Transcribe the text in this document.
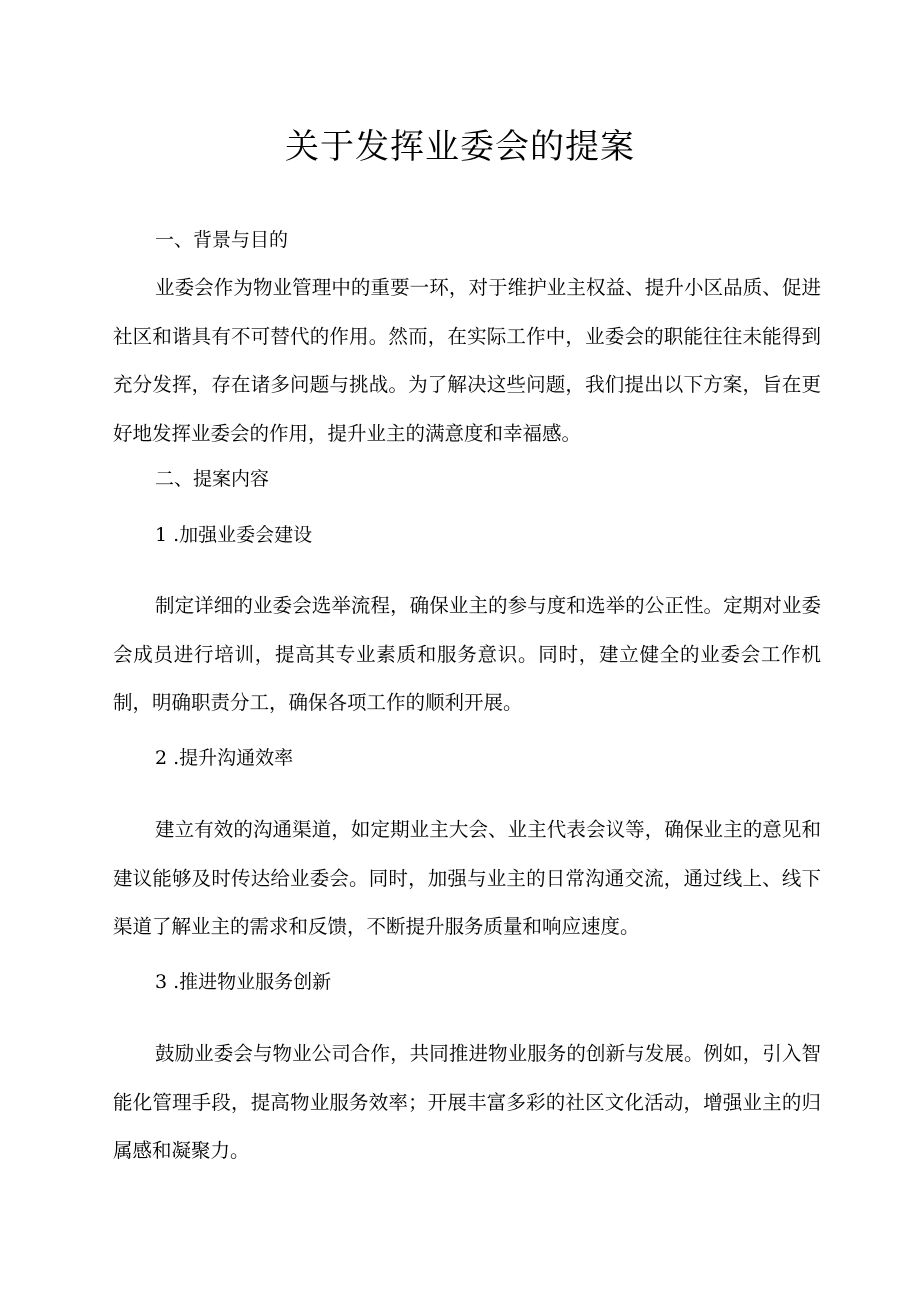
关于发挥业委会的提案
一、背景与目的
业委会作为物业管理中的重要一环，对于维护业主权益、提升小区品质、促进社区和谐具有不可替代的作用。然而，在实际工作中，业委会的职能往往未能得到充分发挥，存在诸多问题与挑战。为了解决这些问题，我们提出以下方案，旨在更好地发挥业委会的作用，提升业主的满意度和幸福感。
二、提案内容
1 .加强业委会建设
制定详细的业委会选举流程，确保业主的参与度和选举的公正性。定期对业委会成员进行培训，提高其专业素质和服务意识。同时，建立健全的业委会工作机制，明确职责分工，确保各项工作的顺利开展。
2 .提升沟通效率
建立有效的沟通渠道，如定期业主大会、业主代表会议等，确保业主的意见和建议能够及时传达给业委会。同时，加强与业主的日常沟通交流，通过线上、线下渠道了解业主的需求和反馈，不断提升服务质量和响应速度。
3 .推进物业服务创新
鼓励业委会与物业公司合作，共同推进物业服务的创新与发展。例如，引入智能化管理手段，提高物业服务效率；开展丰富多彩的社区文化活动，增强业主的归属感和凝聚力。
